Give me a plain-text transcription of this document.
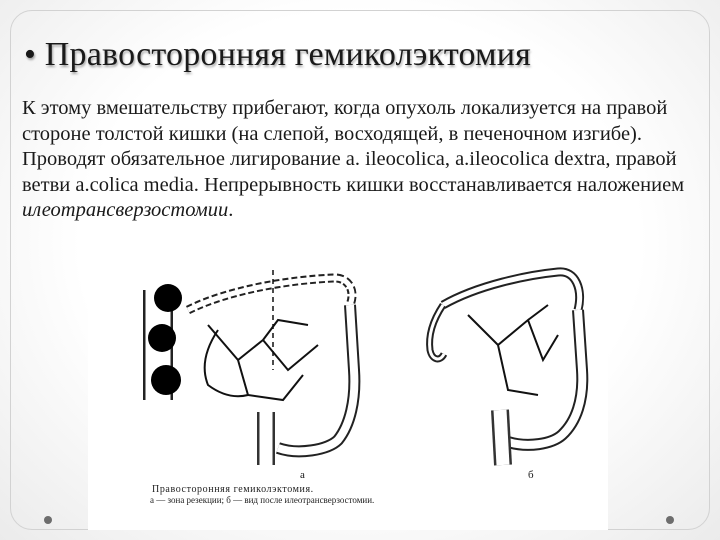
• Правосторонняя гемиколэктомия
К этому вмешательству прибегают, когда опухоль локализуется на правой стороне толстой кишки (на слепой, восходящей, в печеночном изгибе). Проводят обязательное лигирование a. ileocolica, a.ileocolica dextra, правой ветви a.colica media. Непрерывность кишки восстанавливается наложением илеотрансверзостомии.
а	б
Правосторонняя гемиколэктомия.
а — зона резекции; б — вид после илеотрансверзостомии.
